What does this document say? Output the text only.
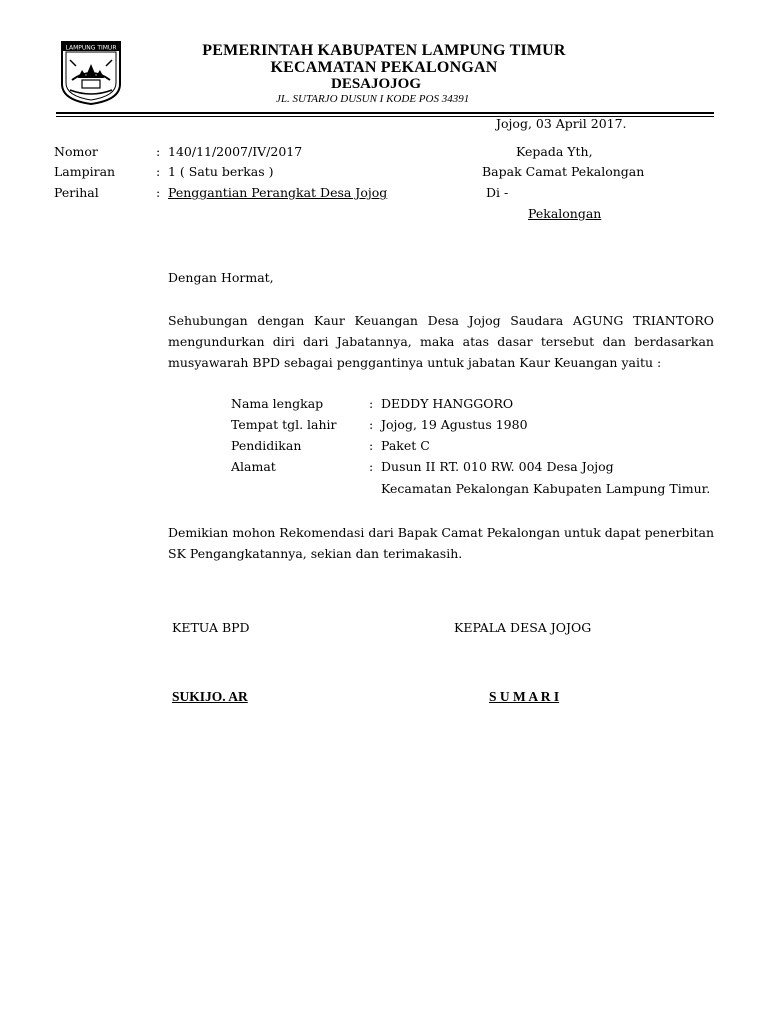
LAMPUNG TIMUR	PEMERINTAH KABUPATEN LAMPUNG TIMUR
KECAMATAN PEKALONGAN
DESAJOJOG
JL. SUTARJO DUSUN I KODE POS 34391
Jojog, 03 April 2017.
Nomor	: 140/11/2007/IV/2017
Lampiran	: 1 ( Satu berkas )
Perihal	: Penggantian Perangkat Desa Jojog
Kepada Yth,
Bapak Camat Pekalongan
Di -
Pekalongan
Dengan Hormat,
Sehubungan dengan Kaur Keuangan Desa Jojog Saudara AGUNG TRIANTORO mengundurkan diri dari Jabatannya, maka atas dasar tersebut dan berdasarkan musyawarah BPD sebagai penggantinya untuk jabatan Kaur Keuangan yaitu :
Nama lengkap	: DEDDY HANGGORO
Tempat tgl. lahir	: Jojog, 19 Agustus 1980
Pendidikan	: Paket C
Alamat	: Dusun II RT. 010 RW. 004 Desa Jojog
Kecamatan Pekalongan Kabupaten Lampung Timur.
Demikian mohon Rekomendasi dari Bapak Camat Pekalongan untuk dapat penerbitan SK Pengangkatannya, sekian dan terimakasih.
KETUA BPD	KEPALA DESA JOJOG
SUKIJO. AR	S U M A R I
